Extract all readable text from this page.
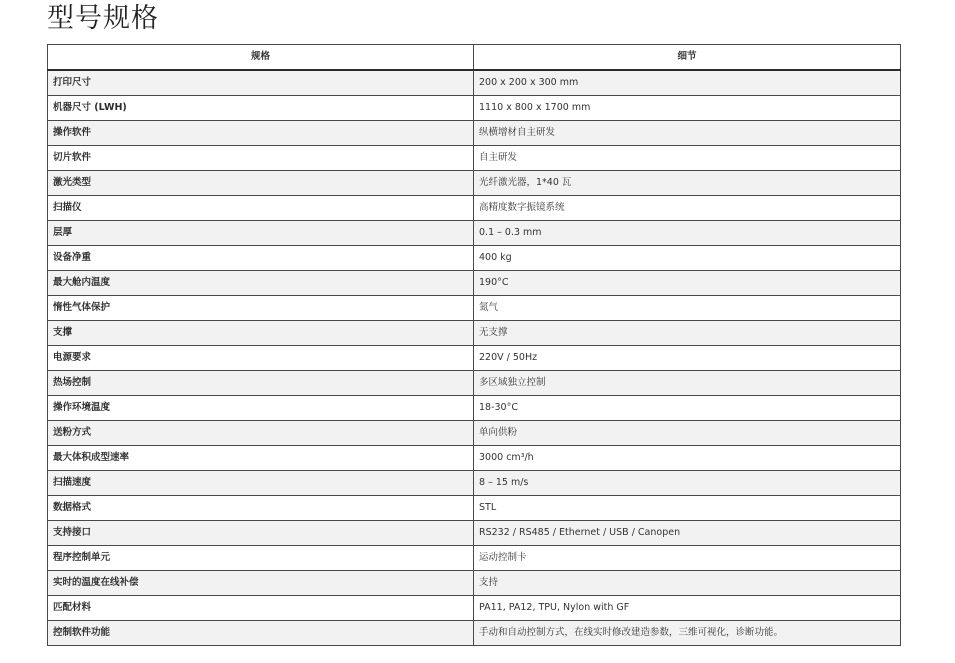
型号规格
规格	细节
打印尺寸	200 x 200 x 300 mm
机器尺寸 (LWH)	1110 x 800 x 1700 mm
操作软件	纵横增材自主研发
切片软件	自主研发
激光类型	光纤激光器，1*40 瓦
扫描仪	高精度数字振镜系统
层厚	0.1 – 0.3 mm
设备净重	400 kg
最大舱内温度	190°C
惰性气体保护	氮气
支撑	无支撑
电源要求	220V / 50Hz
热场控制	多区域独立控制
操作环境温度	18-30°C
送粉方式	单向供粉
最大体积成型速率	3000 cm³/h
扫描速度	8 – 15 m/s
数据格式	STL
支持接口	RS232 / RS485 / Ethernet / USB / Canopen
程序控制单元	运动控制卡
实时的温度在线补偿	支持
匹配材料	PA11, PA12, TPU, Nylon with GF
控制软件功能	手动和自动控制方式，在线实时修改建造参数，三维可视化，诊断功能。
